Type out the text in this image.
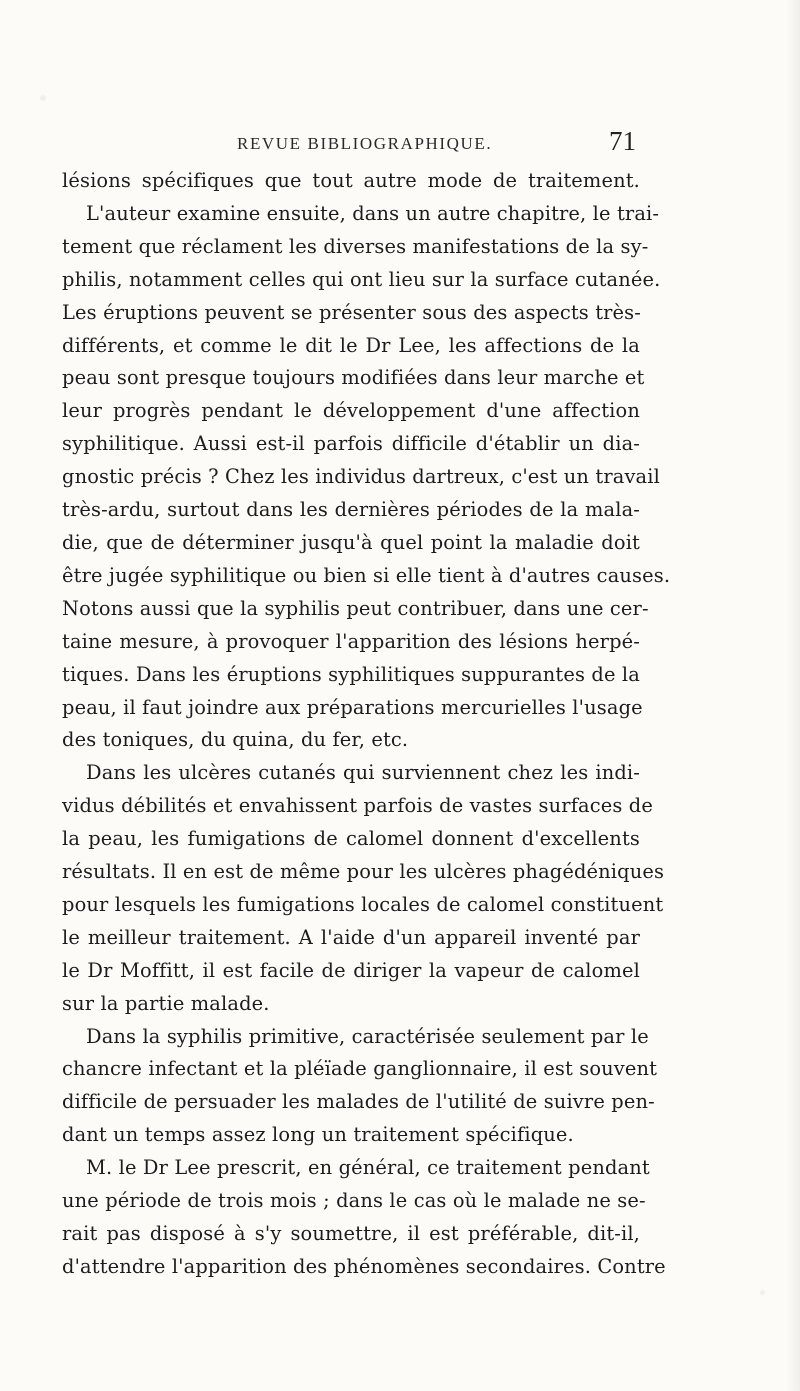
REVUE BIBLIOGRAPHIQUE.	71
lésions spécifiques que tout autre mode de traitement.
L'auteur examine ensuite, dans un autre chapitre, le trai-
tement que réclament les diverses manifestations de la sy-
philis, notamment celles qui ont lieu sur la surface cutanée.
Les éruptions peuvent se présenter sous des aspects très-
différents, et comme le dit le Dr Lee, les affections de la
peau sont presque toujours modifiées dans leur marche et
leur progrès pendant le développement d'une affection
syphilitique. Aussi est-il parfois difficile d'établir un dia-
gnostic précis ? Chez les individus dartreux, c'est un travail
très-ardu, surtout dans les dernières périodes de la mala-
die, que de déterminer jusqu'à quel point la maladie doit
être jugée syphilitique ou bien si elle tient à d'autres causes.
Notons aussi que la syphilis peut contribuer, dans une cer-
taine mesure, à provoquer l'apparition des lésions herpé-
tiques. Dans les éruptions syphilitiques suppurantes de la
peau, il faut joindre aux préparations mercurielles l'usage
des toniques, du quina, du fer, etc.
Dans les ulcères cutanés qui surviennent chez les indi-
vidus débilités et envahissent parfois de vastes surfaces de
la peau, les fumigations de calomel donnent d'excellents
résultats. Il en est de même pour les ulcères phagédéniques
pour lesquels les fumigations locales de calomel constituent
le meilleur traitement. A l'aide d'un appareil inventé par
le Dr Moffitt, il est facile de diriger la vapeur de calomel
sur la partie malade.
Dans la syphilis primitive, caractérisée seulement par le
chancre infectant et la pléïade ganglionnaire, il est souvent
difficile de persuader les malades de l'utilité de suivre pen-
dant un temps assez long un traitement spécifique.
M. le Dr Lee prescrit, en général, ce traitement pendant
une période de trois mois ; dans le cas où le malade ne se-
rait pas disposé à s'y soumettre, il est préférable, dit-il,
d'attendre l'apparition des phénomènes secondaires. Contre
